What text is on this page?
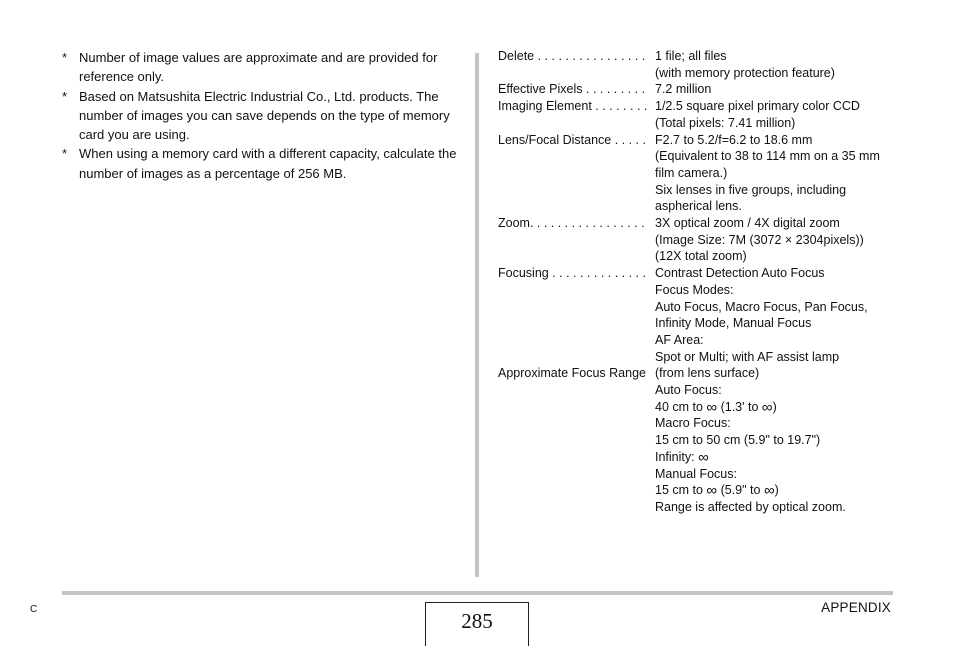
* Number of image values are approximate and are provided for reference only.
* Based on Matsushita Electric Industrial Co., Ltd. products. The number of images you can save depends on the type of memory card you are using.
* When using a memory card with a different capacity, calculate the number of images as a percentage of 256 MB.
Delete . . . . . . . . . . . . . . . . 1 file; all files
(with memory protection feature)
Effective Pixels . . . . . . . . . 7.2 million
Imaging Element . . . . . . . . 1/2.5 square pixel primary color CCD
(Total pixels: 7.41 million)
Lens/Focal Distance . . . . . F2.7 to 5.2/f=6.2 to 18.6 mm
(Equivalent to 38 to 114 mm on a 35 mm
film camera.)
Six lenses in five groups, including
aspherical lens.
Zoom. . . . . . . . . . . . . . . . . 3X optical zoom / 4X digital zoom
(Image Size: 7M (3072 × 2304pixels))
(12X total zoom)
Focusing . . . . . . . . . . . . . . Contrast Detection Auto Focus
Focus Modes:
Auto Focus, Macro Focus, Pan Focus,
Infinity Mode, Manual Focus
AF Area:
Spot or Multi; with AF assist lamp
Approximate Focus Range (from lens surface)
Auto Focus:
40 cm to ∞ (1.3' to ∞)
Macro Focus:
15 cm to 50 cm (5.9" to 19.7")
Infinity: ∞
Manual Focus:
15 cm to ∞ (5.9" to ∞)
Range is affected by optical zoom.
C	285
APPENDIX
